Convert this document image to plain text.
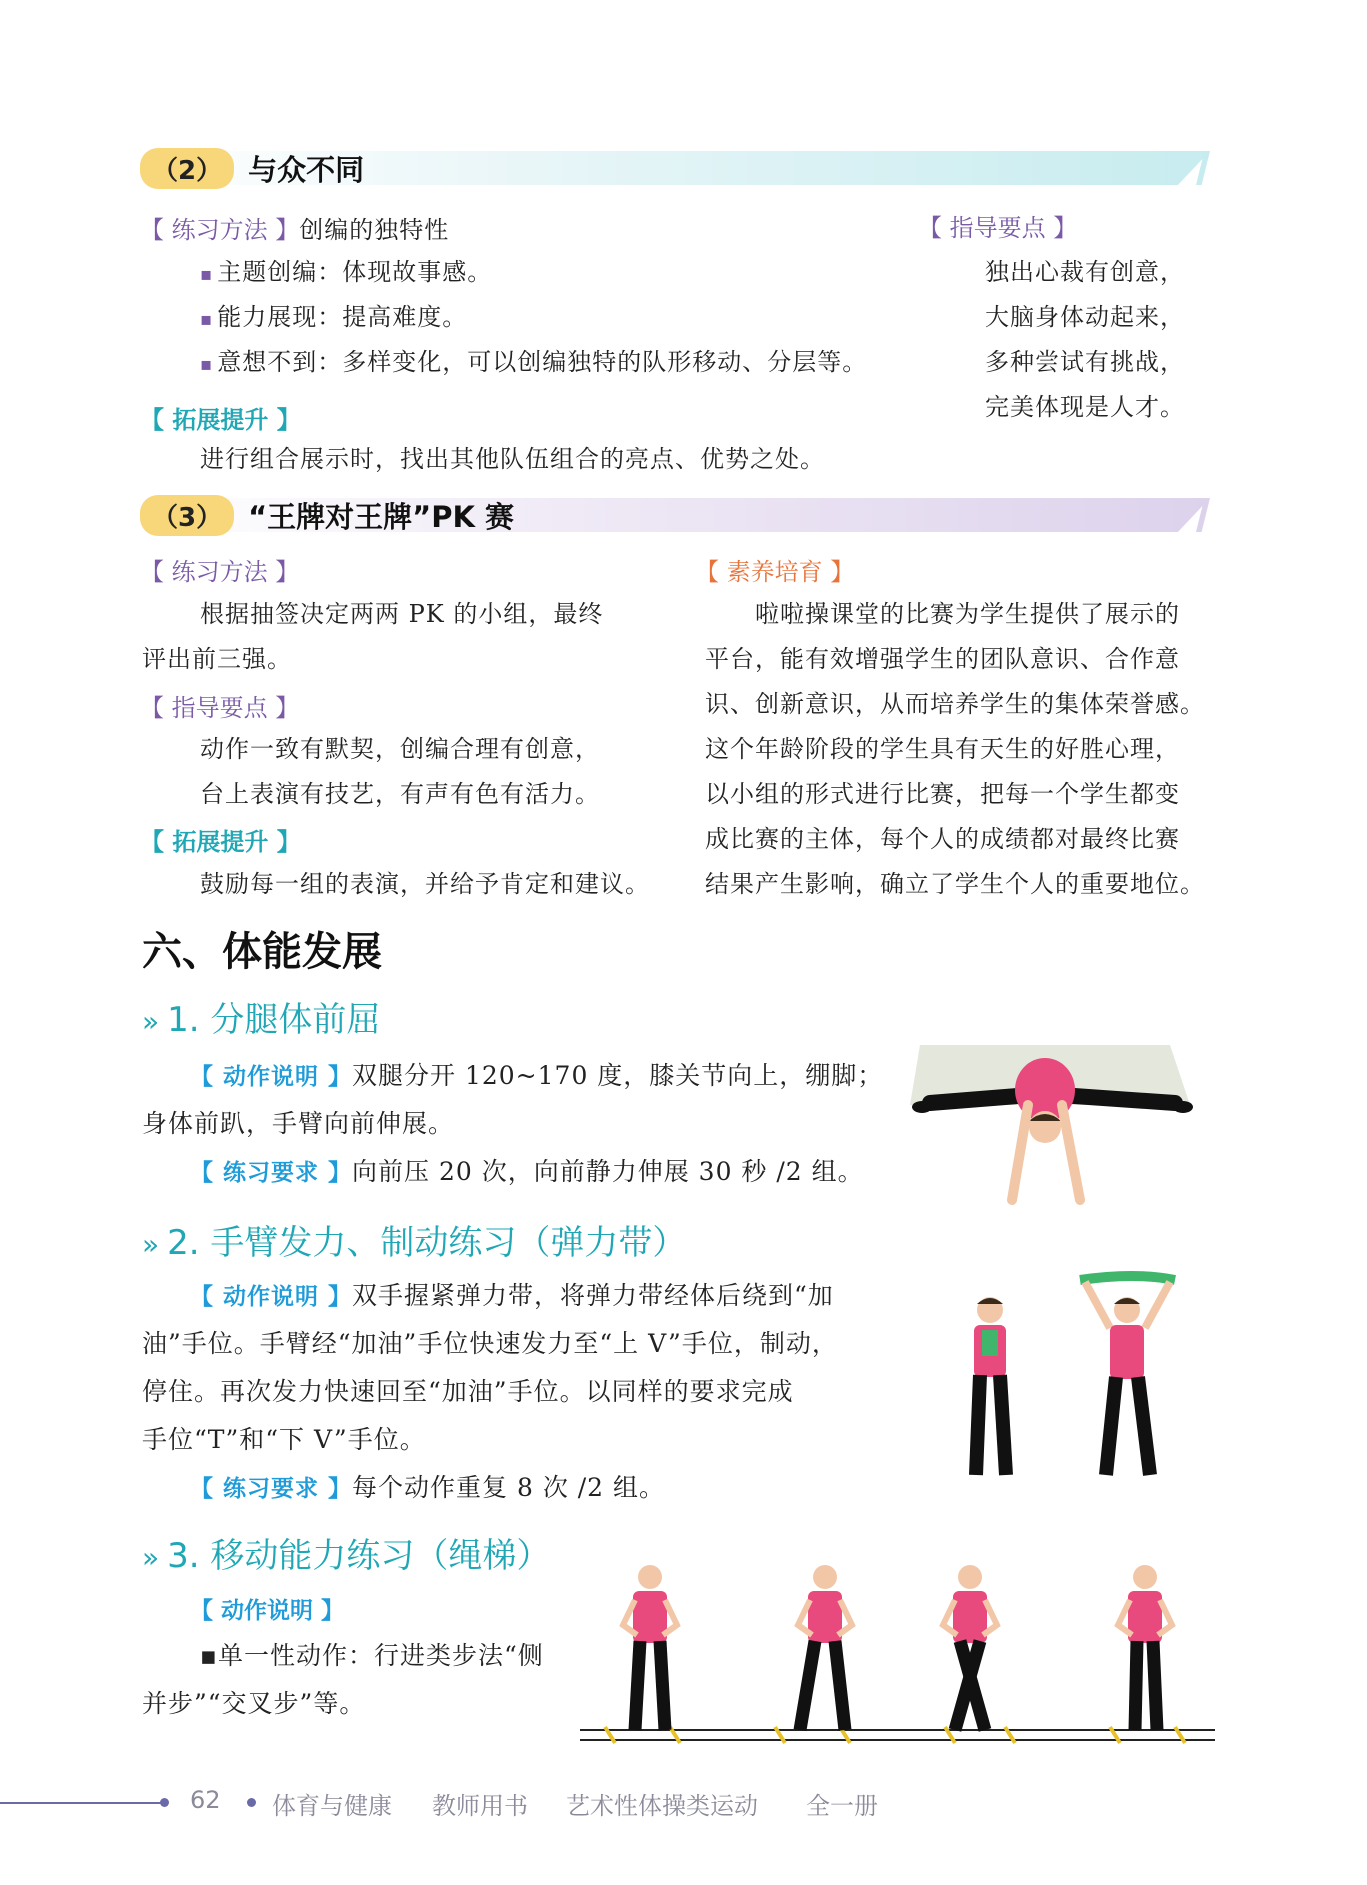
（2） 与众不同
【 练习方法 】创编的独特性
▪ 主题创编：体现故事感。
▪ 能力展现：提高难度。
▪ 意想不到：多样变化，可以创编独特的队形移动、分层等。
【 拓展提升 】
进行组合展示时，找出其他队伍组合的亮点、优势之处。
【 指导要点 】
独出心裁有创意，
大脑身体动起来，
多种尝试有挑战，
完美体现是人才。
（3） “王牌对王牌”PK 赛
【 练习方法 】
根据抽签决定两两 PK 的小组，最终
评出前三强。
【 指导要点 】
动作一致有默契，创编合理有创意，
台上表演有技艺，有声有色有活力。
【 拓展提升 】
鼓励每一组的表演，并给予肯定和建议。
【 素养培育 】
啦啦操课堂的比赛为学生提供了展示的
平台，能有效增强学生的团队意识、合作意
识、创新意识，从而培养学生的集体荣誉感。
这个年龄阶段的学生具有天生的好胜心理，
以小组的形式进行比赛，把每一个学生都变
成比赛的主体，每个人的成绩都对最终比赛
结果产生影响，确立了学生个人的重要地位。
六、体能发展
» 1. 分腿体前屈
【 动作说明 】双腿分开 120~170 度，膝关节向上，绷脚；
身体前趴，手臂向前伸展。
【 练习要求 】向前压 20 次，向前静力伸展 30 秒 /2 组。
» 2. 手臂发力、制动练习（弹力带）
【 动作说明 】双手握紧弹力带，将弹力带经体后绕到“加
油”手位。手臂经“加油”手位快速发力至“上 V”手位，制动，
停住。再次发力快速回至“加油”手位。以同样的要求完成
手位“T”和“下 V”手位。
【 练习要求 】每个动作重复 8 次 /2 组。
» 3. 移动能力练习（绳梯）
【 动作说明 】
▪单一性动作：行进类步法“侧
并步”“交叉步”等。
62 体育与健康 教师用书 艺术性体操类运动 全一册
